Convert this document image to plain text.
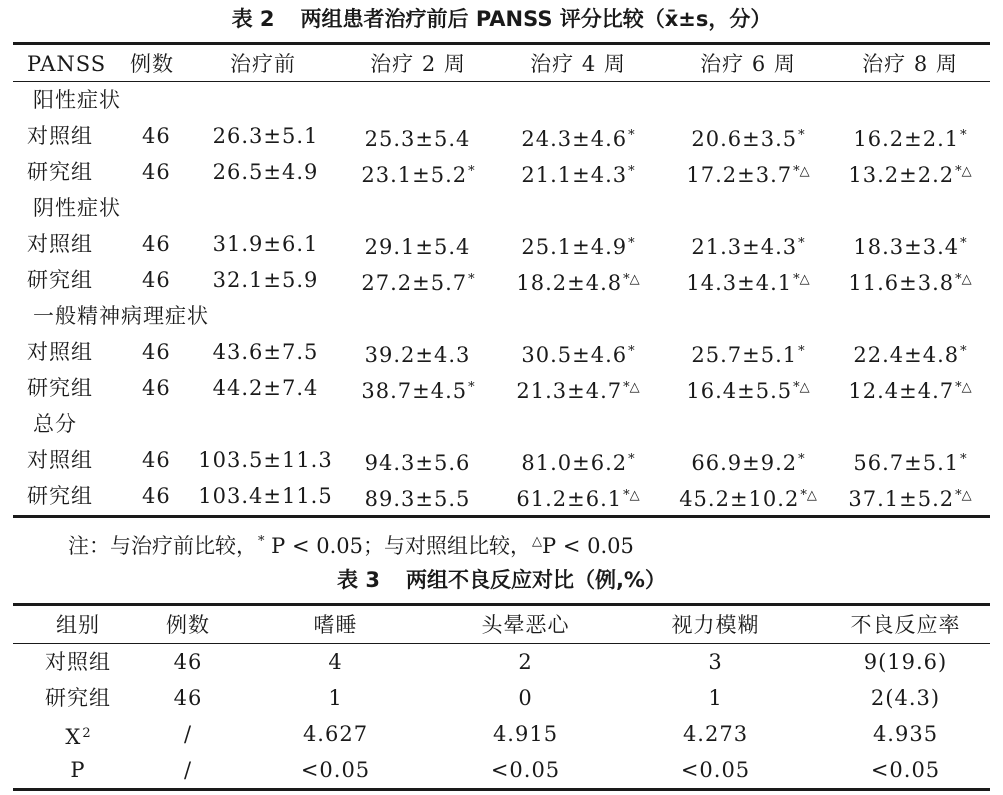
表 2 两组患者治疗前后 PANSS 评分比较（x̄±s，分）
PANSS 例数	治疗前	治疗 2 周	治疗 4 周	治疗 6 周	治疗 8 周
阳性症状
对照组 46	26.3±5.1	25.3±5.4	24.3±4.6*	20.6±3.5*	16.2±2.1*
研究组 46	26.5±4.9	23.1±5.2*	21.1±4.3*	17.2±3.7*△	13.2±2.2*△
阴性症状
对照组 46	31.9±6.1	29.1±5.4	25.1±4.9*	21.3±4.3*	18.3±3.4*
研究组 46	32.1±5.9	27.2±5.7*	18.2±4.8*△	14.3±4.1*△	11.6±3.8*△
一般精神病理症状
对照组 46	43.6±7.5	39.2±4.3	30.5±4.6*	25.7±5.1*	22.4±4.8*
研究组 46	44.2±7.4	38.7±4.5*	21.3±4.7*△	16.4±5.5*△	12.4±4.7*△
总分
对照组 46 103.5±11.3	94.3±5.6	81.0±6.2*	66.9±9.2*	56.7±5.1*
研究组 46 103.4±11.5	89.3±5.5	61.2±6.1*△	45.2±10.2*△	37.1±5.2*△
注：与治疗前比较，* P < 0.05；与对照组比较，△P < 0.05
表 3 两组不良反应对比（例,%）
组别	例数	嗜睡	头晕恶心	视力模糊	不良反应率
对照组	46	4	2	3	9(19.6)
研究组	46	1	0	1	2(4.3)
$X^2$	/	4.627	4.915	4.273	4.935
P	/	<0.05	<0.05	<0.05	<0.05
